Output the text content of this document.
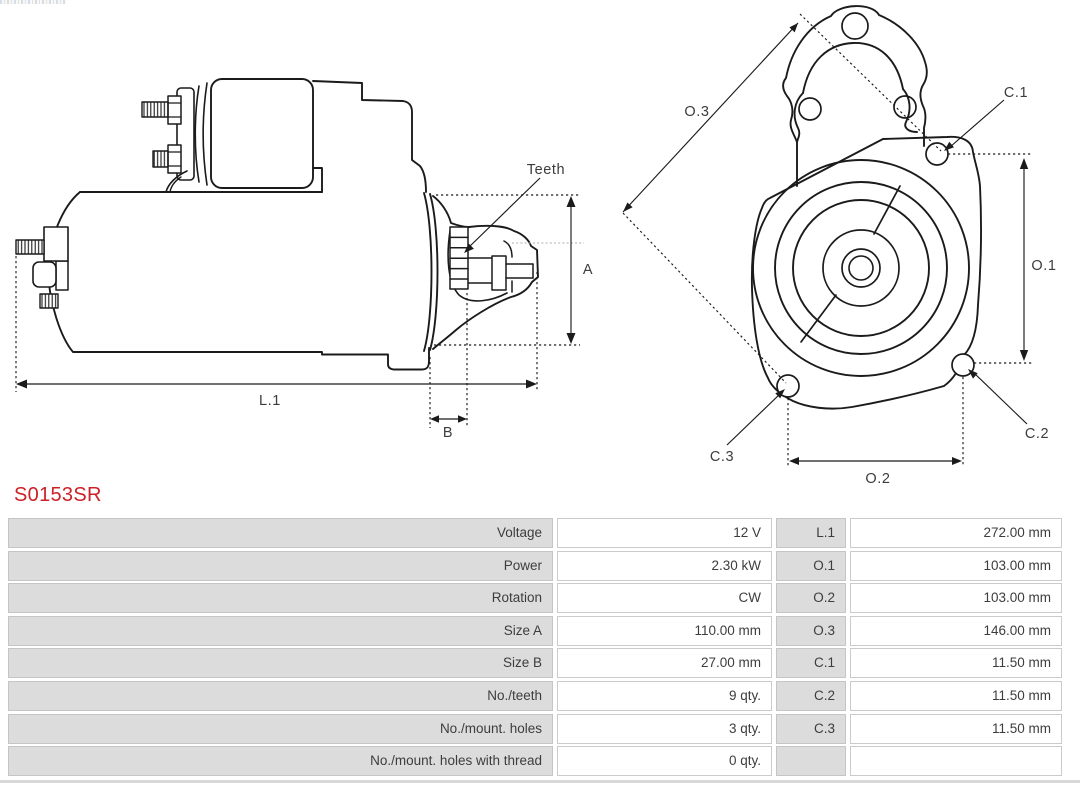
Teeth
A
B
L.1
O.3
C.1
O.1
C.2
C.3
O.2
S0153SR
Voltage	12 V	L.1	272.00 mm
Power	2.30 kW	O.1	103.00 mm
Rotation	CW	O.2	103.00 mm
Size A	110.00 mm	O.3	146.00 mm
Size B	27.00 mm	C.1	11.50 mm
No./teeth	9 qty.	C.2	11.50 mm
No./mount. holes	3 qty.	C.3	11.50 mm
No./mount. holes with thread	0 qty.
